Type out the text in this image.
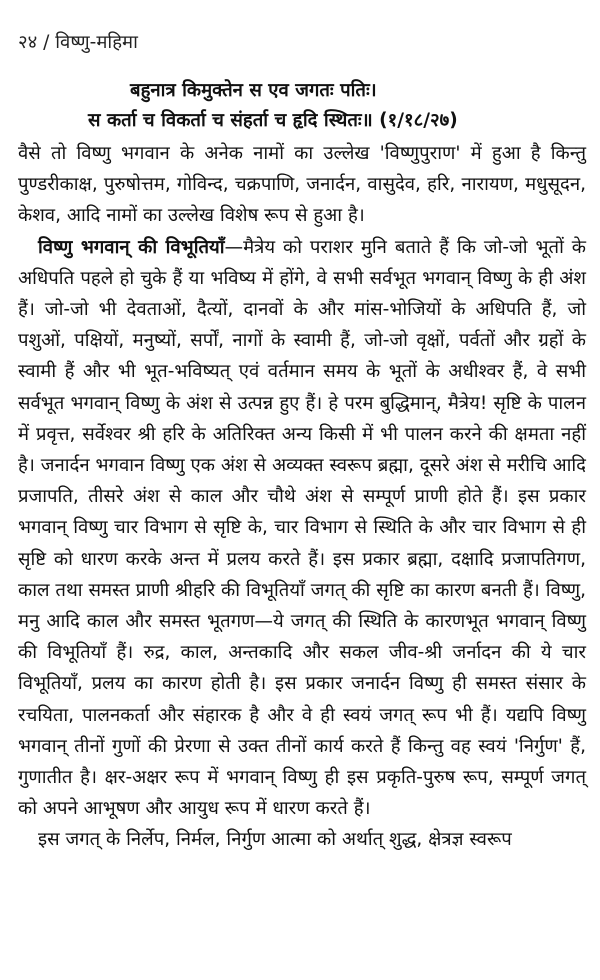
२४ / विष्णु-महिमा
बहुनात्र किमुक्तेन स एव जगतः पतिः।
स कर्ता च विकर्ता च संहर्ता च हृदि स्थितः॥ (१/१८/२७)

वैसे तो विष्णु भगवान के अनेक नामों का उल्लेख 'विष्णुपुराण' में हुआ है किन्तु पुण्डरीकाक्ष, पुरुषोत्तम, गोविन्द, चक्रपाणि, जनार्दन, वासुदेव, हरि, नारायण, मधुसूदन, केशव, आदि नामों का उल्लेख विशेष रूप से हुआ है।

विष्णु भगवान् की विभूतियाँ—मैत्रेय को पराशर मुनि बताते हैं कि जो-जो भूतों के अधिपति पहले हो चुके हैं या भविष्य में होंगे, वे सभी सर्वभूत भगवान् विष्णु के ही अंश हैं। जो-जो भी देवताओं, दैत्यों, दानवों के और मांस-भोजियों के अधिपति हैं, जो पशुओं, पक्षियों, मनुष्यों, सर्पों, नागों के स्वामी हैं, जो-जो वृक्षों, पर्वतों और ग्रहों के स्वामी हैं और भी भूत-भविष्यत् एवं वर्तमान समय के भूतों के अधीश्वर हैं, वे सभी सर्वभूत भगवान् विष्णु के अंश से उत्पन्न हुए हैं। हे परम बुद्धिमान्, मैत्रेय! सृष्टि के पालन में प्रवृत्त, सर्वेश्वर श्री हरि के अतिरिक्त अन्य किसी में भी पालन करने की क्षमता नहीं है। जनार्दन भगवान विष्णु एक अंश से अव्यक्त स्वरूप ब्रह्मा, दूसरे अंश से मरीचि आदि प्रजापति, तीसरे अंश से काल और चौथे अंश से सम्पूर्ण प्राणी होते हैं। इस प्रकार भगवान् विष्णु चार विभाग से सृष्टि के, चार विभाग से स्थिति के और चार विभाग से ही सृष्टि को धारण करके अन्त में प्रलय करते हैं। इस प्रकार ब्रह्मा, दक्षादि प्रजापतिगण, काल तथा समस्त प्राणी श्रीहरि की विभूतियाँ जगत् की सृष्टि का कारण बनती हैं। विष्णु, मनु आदि काल और समस्त भूतगण—ये जगत् की स्थिति के कारणभूत भगवान् विष्णु की विभूतियाँ हैं। रुद्र, काल, अन्तकादि और सकल जीव-श्री जर्नादन की ये चार विभूतियाँ, प्रलय का कारण होती है। इस प्रकार जनार्दन विष्णु ही समस्त संसार के रचयिता, पालनकर्ता और संहारक है और वे ही स्वयं जगत् रूप भी हैं। यद्यपि विष्णु भगवान् तीनों गुणों की प्रेरणा से उक्त तीनों कार्य करते हैं किन्तु वह स्वयं 'निर्गुण' हैं, गुणातीत है। क्षर-अक्षर रूप में भगवान् विष्णु ही इस प्रकृति-पुरुष रूप, सम्पूर्ण जगत् को अपने आभूषण और आयुध रूप में धारण करते हैं।

इस जगत् के निर्लेप, निर्मल, निर्गुण आत्मा को अर्थात् शुद्ध, क्षेत्रज्ञ स्वरूप
